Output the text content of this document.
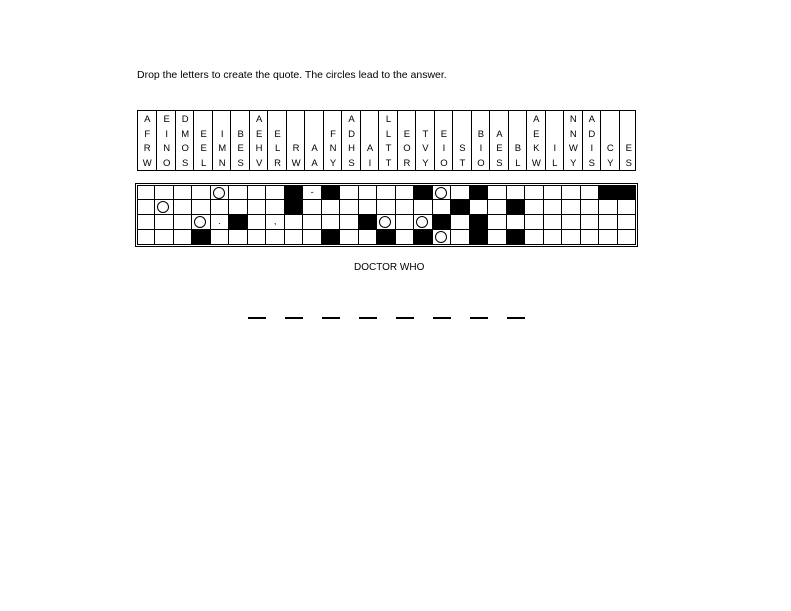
Drop the letters to create the quote. The circles lead to the answer.
A
F
R
W
E
I
N
O
D
M
O
S
E
E
L
I
M
N
B
E
S
A
E
H
V
E
L
R
R
W
A
A
F
N
Y
A
D
H
S
A
I
L
L
T
T
E
O
R
T
V
Y
E
I
O
S
T
B
I
O
A
E
S
B
L
A
E
K
W
I
L
N
N
W
Y
A
D
I
S
C
Y
E
S
-
.	,
DOCTOR WHO
